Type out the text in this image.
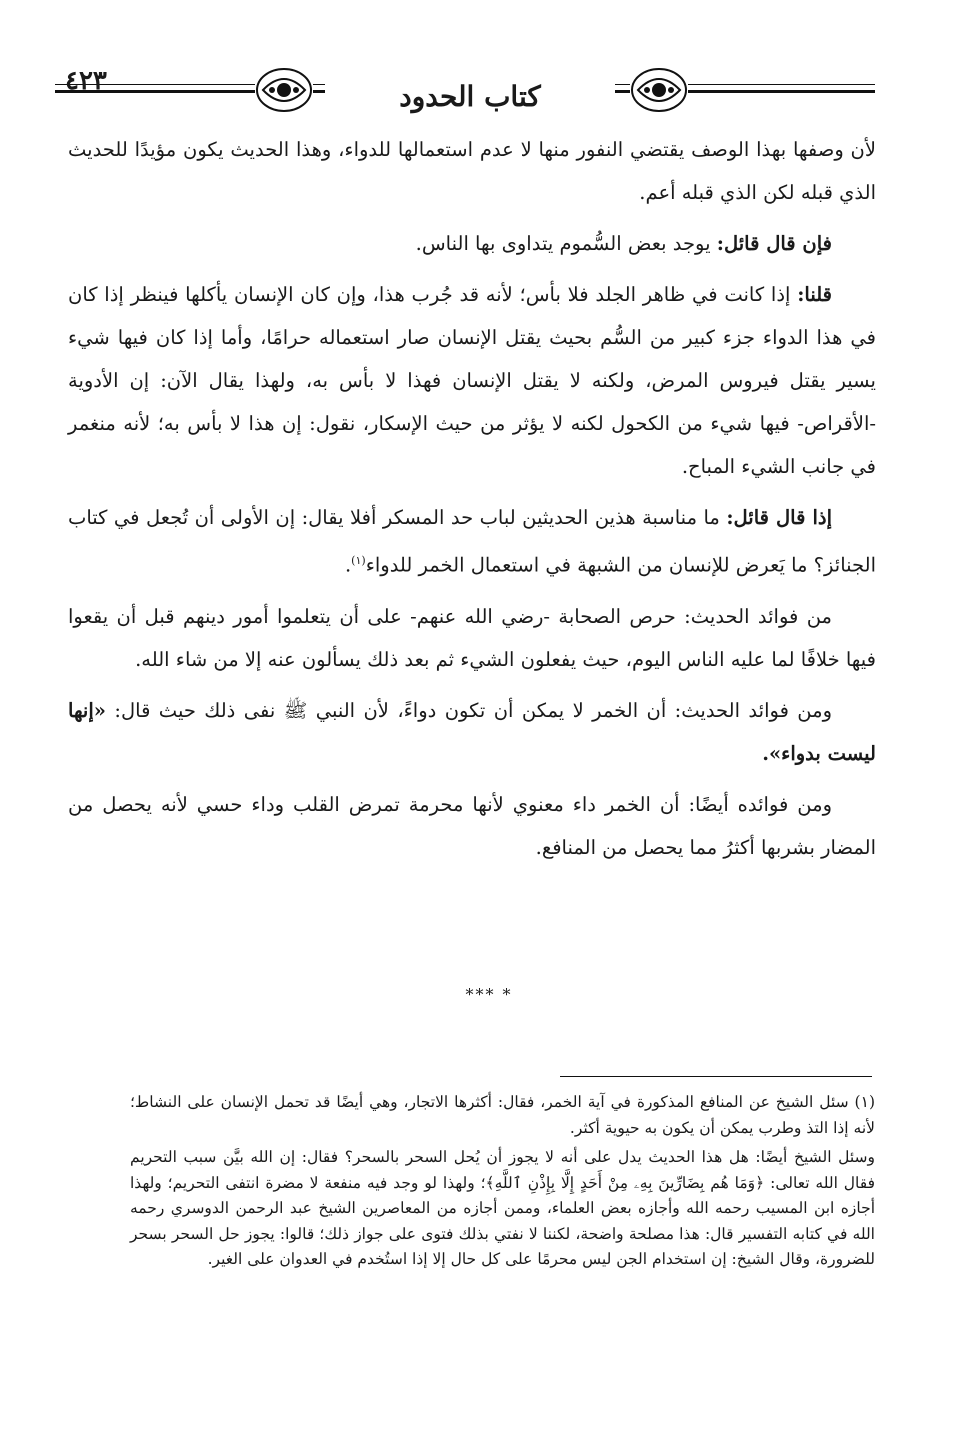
٤٢٣	كتاب الحدود

لأن وصفها بهذا الوصف يقتضي النفور منها لا عدم استعمالها للدواء، وهذا الحديث يكون مؤيدًا للحديث الذي قبله لكن الذي قبله أعم.

فإن قال قائل: يوجد بعض السُّموم يتداوى بها الناس.

قلنا: إذا كانت في ظاهر الجلد فلا بأس؛ لأنه قد جُرب هذا، وإن كان الإنسان يأكلها فينظر إذا كان في هذا الدواء جزء كبير من السُّم بحيث يقتل الإنسان صار استعماله حرامًا، وأما إذا كان فيها شيء يسير يقتل فيروس المرض، ولكنه لا يقتل الإنسان فهذا لا بأس به، ولهذا يقال الآن: إن الأدوية -الأقراص- فيها شيء من الكحول لكنه لا يؤثر من حيث الإسكار، نقول: إن هذا لا بأس به؛ لأنه منغمر في جانب الشيء المباح.

إذا قال قائل: ما مناسبة هذين الحديثين لباب حد المسكر أفلا يقال: إن الأولى أن تُجعل في كتاب الجنائز؟ ما يَعرض للإنسان من الشبهة في استعمال الخمر للدواء$^{(١)}$.

من فوائد الحديث: حرص الصحابة -رضي الله عنهم- على أن يتعلموا أمور دينهم قبل أن يقعوا فيها خلافًا لما عليه الناس اليوم، حيث يفعلون الشيء ثم بعد ذلك يسألون عنه إلا من شاء الله.

ومن فوائد الحديث: أن الخمر لا يمكن أن تكون دواءً، لأن النبي ﷺ نفى ذلك حيث قال: «إنها ليست بدواء».

ومن فوائده أيضًا: أن الخمر داء معنوي لأنها محرمة تمرض القلب وداء حسي لأنه يحصل من المضار بشربها أكثرُ مما يحصل من المنافع.

*** *

(١) سئل الشيخ عن المنافع المذكورة في آية الخمر، فقال: أكثرها الاتجار، وهي أيضًا قد تحمل الإنسان على النشاط؛ لأنه إذا التذ وطرب يمكن أن يكون به حيوية أكثر.

وسئل الشيخ أيضًا: هل هذا الحديث يدل على أنه لا يجوز أن يُحل السحر بالسحر؟ فقال: إن الله بيَّن سبب التحريم فقال الله تعالى: ﴿وَمَا هُم بِضَارِّينَ بِهِۦ مِنْ أَحَدٍ إِلَّا بِإِذْنِ ٱللَّهِ﴾؛ ولهذا لو وجد فيه منفعة لا مضرة انتفى التحريم؛ ولهذا أجازه ابن المسيب رحمه الله وأجازه بعض العلماء، وممن أجازه من المعاصرين الشيخ عبد الرحمن الدوسري رحمه الله في كتابه التفسير قال: هذا مصلحة واضحة، لكننا لا نفتي بذلك فتوى على جواز ذلك؛ قالوا: يجوز حل السحر بسحر للضرورة، وقال الشيخ: إن استخدام الجن ليس محرمًا على كل حال إلا إذا استُخدم في العدوان على الغير.
